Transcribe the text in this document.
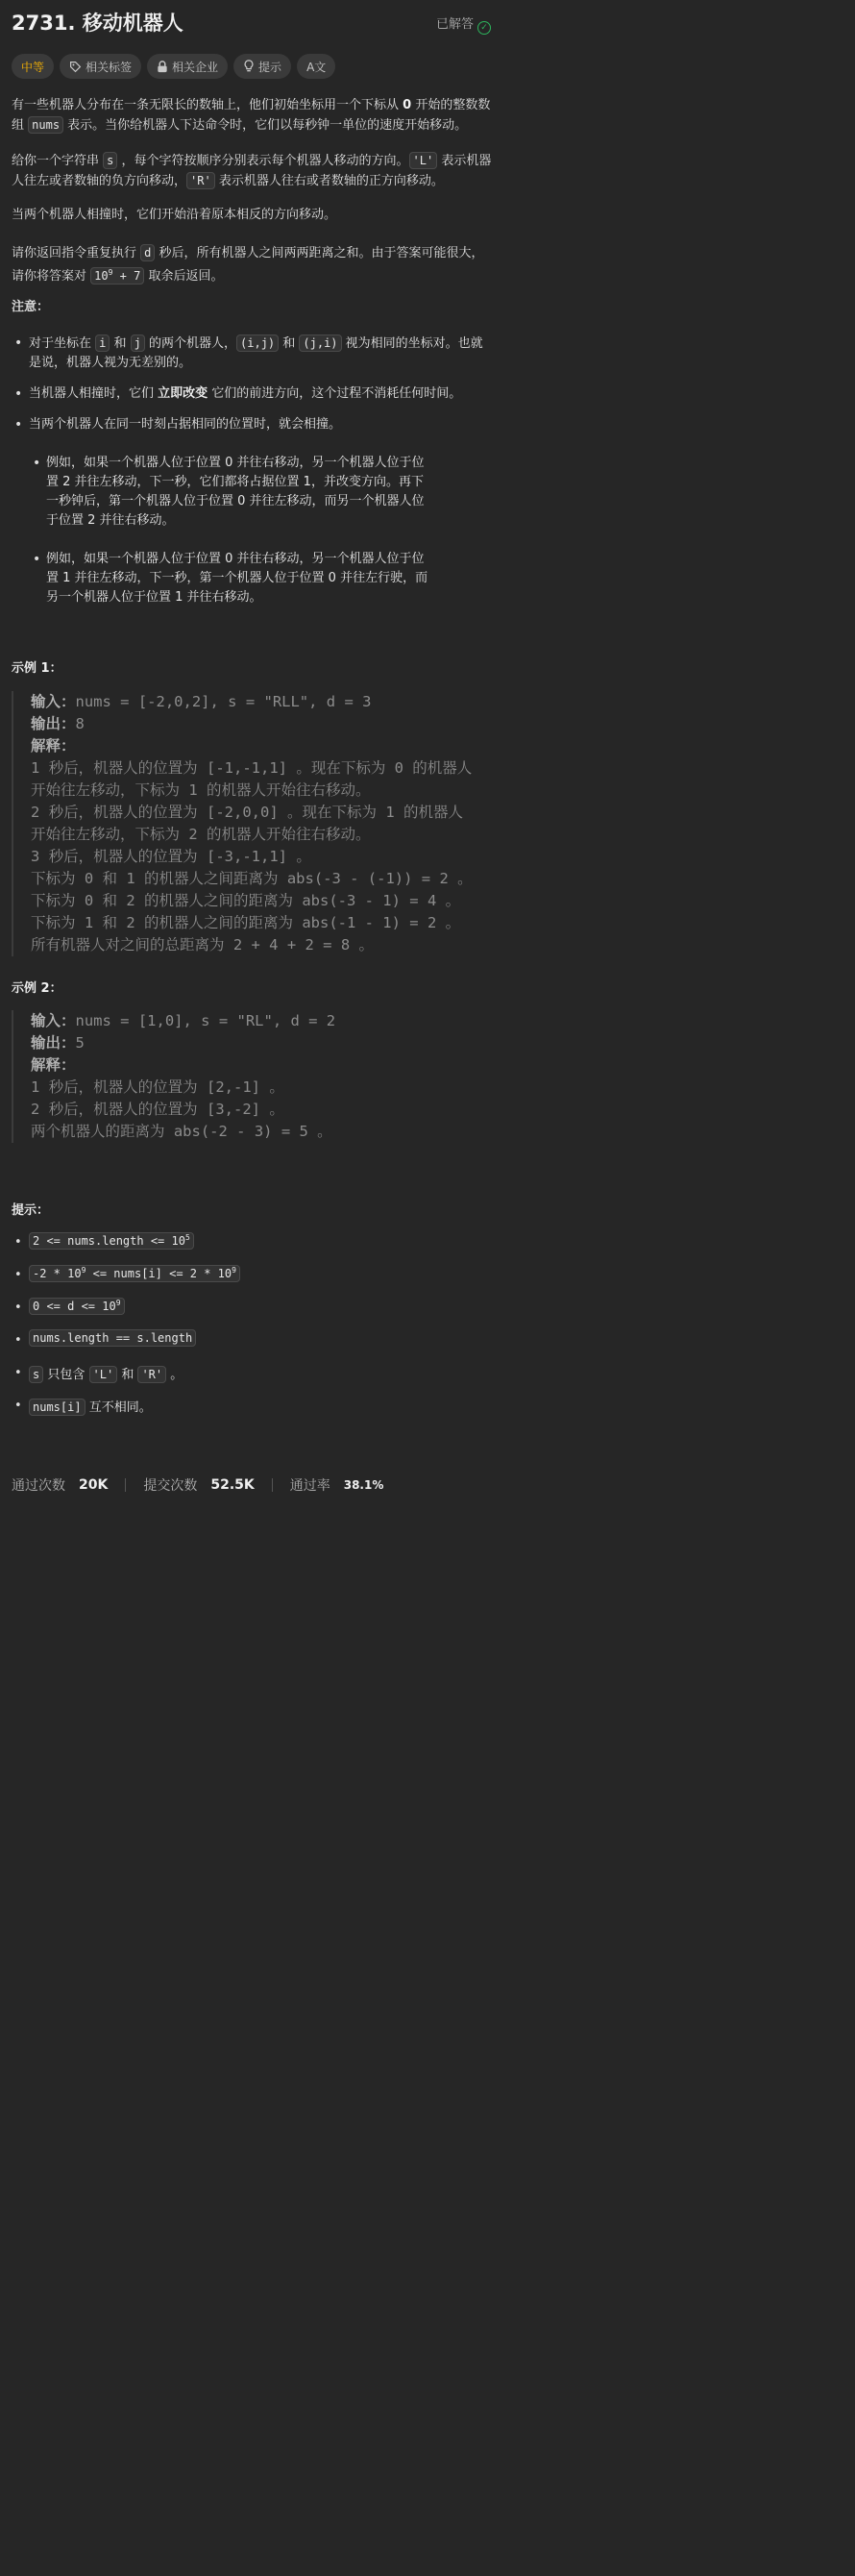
2731. 移动机器人	已解答 ✓
中等	相关标签	相关企业	提示	A文
有一些机器人分布在一条无限长的数轴上，他们初始坐标用一个下标从 0 开始的整数数组 nums 表示。当你给机器人下达命令时，它们以每秒钟一单位的速度开始移动。
给你一个字符串 s ，每个字符按顺序分别表示每个机器人移动的方向。 'L' 表示机器人往左或者数轴的负方向移动， 'R' 表示机器人往右或者数轴的正方向移动。
当两个机器人相撞时，它们开始沿着原本相反的方向移动。
请你返回指令重复执行 d 秒后，所有机器人之间两两距离之和。由于答案可能很大，请你将答案对 $10^9 + 7$ 取余后返回。
注意：
• 对于坐标在 i 和 j 的两个机器人， (i,j) 和 (j,i) 视为相同的坐标对。也就是说，机器人视为无差别的。
• 当机器人相撞时，它们 立即改变 它们的前进方向，这个过程不消耗任何时间。
• 当两个机器人在同一时刻占据相同的位置时，就会相撞。
• 例如，如果一个机器人位于位置 0 并往右移动，另一个机器人位于位置 2 并往左移动，下一秒，它们都将占据位置 1，并改变方向。再下一秒钟后，第一个机器人位于位置 0 并往左移动，而另一个机器人位于位置 2 并往右移动。
• 例如，如果一个机器人位于位置 0 并往右移动，另一个机器人位于位置 1 并往左移动，下一秒，第一个机器人位于位置 0 并往左行驶，而另一个机器人位于位置 1 并往右移动。
示例 1：
输入：nums = [-2,0,2], s = "RLL", d = 3
输出：8
解释：
1 秒后，机器人的位置为 [-1,-1,1] 。现在下标为 0 的机器人
开始往左移动，下标为 1 的机器人开始往右移动。
2 秒后，机器人的位置为 [-2,0,0] 。现在下标为 1 的机器人
开始往左移动，下标为 2 的机器人开始往右移动。
3 秒后，机器人的位置为 [-3,-1,1] 。
下标为 0 和 1 的机器人之间距离为 abs(-3 - (-1)) = 2 。
下标为 0 和 2 的机器人之间的距离为 abs(-3 - 1) = 4 。
下标为 1 和 2 的机器人之间的距离为 abs(-1 - 1) = 2 。
所有机器人对之间的总距离为 2 + 4 + 2 = 8 。
示例 2：
输入：nums = [1,0], s = "RL", d = 2
输出：5
解释：
1 秒后，机器人的位置为 [2,-1] 。
2 秒后，机器人的位置为 [3,-2] 。
两个机器人的距离为 abs(-2 - 3) = 5 。
提示：
• 2 <= nums.length <= $10^5$
• $-2 * 10^9$ <= nums[i] <= $2 * 10^9$
• $0 <= d <= 10^9$
• nums.length == s.length
• s 只包含 'L' 和 'R' 。
• nums[i] 互不相同。
通过次数 20K	提交次数 52.5K	通过率 38.1%
